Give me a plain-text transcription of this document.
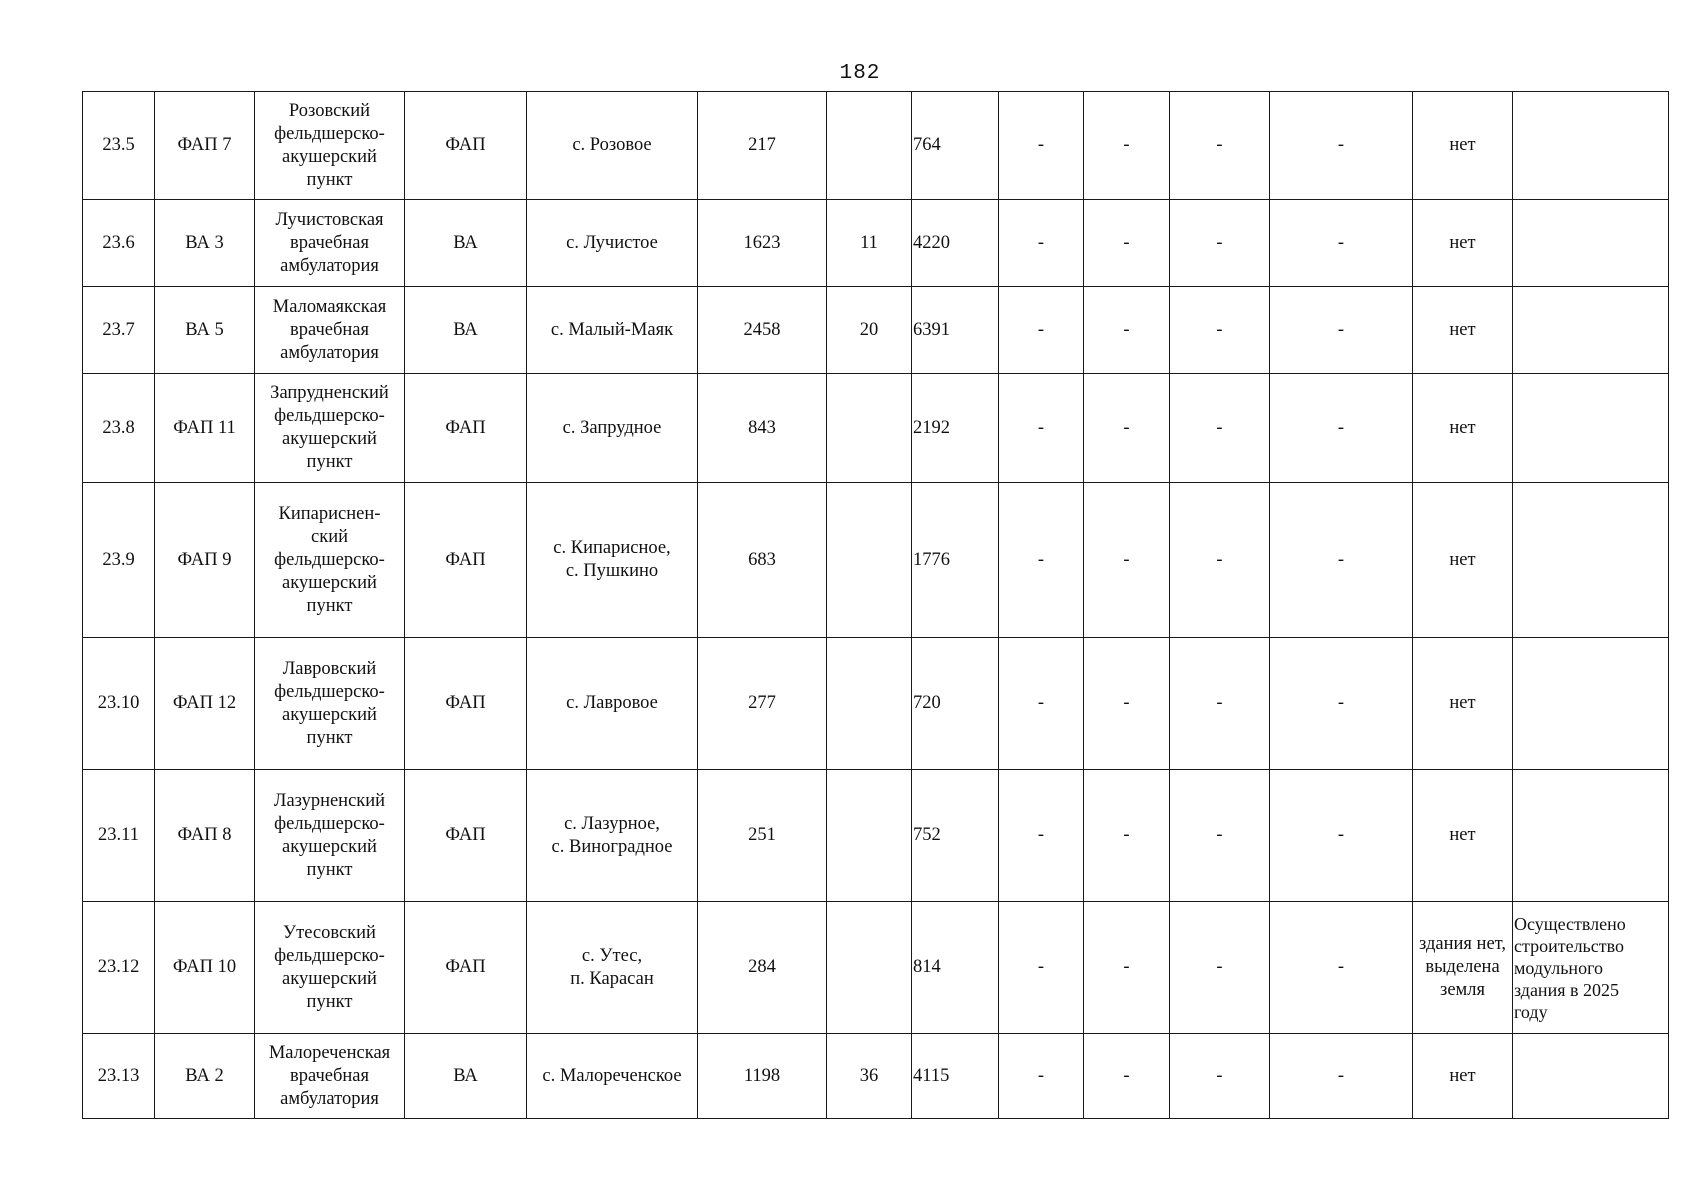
182
23.5	ФАП 7	Розовский
фельдшерско-
акушерский
пункт	ФАП	с. Розовое	217		764	-	-	-	-	нет	
23.6	ВА 3	Лучистовская
врачебная
амбулатория	ВА	с. Лучистое	1623	11	4220	-	-	-	-	нет	
23.7	ВА 5	Маломаякская
врачебная
амбулатория	ВА	с. Малый-Маяк	2458	20	6391	-	-	-	-	нет	
23.8	ФАП 11	Запрудненский
фельдшерско-
акушерский
пункт	ФАП	с. Запрудное	843		2192	-	-	-	-	нет	
23.9	ФАП 9	Кипариснен-
ский
фельдшерско-
акушерский
пункт	ФАП	с. Кипарисное,
с. Пушкино	683		1776	-	-	-	-	нет	
23.10	ФАП 12	Лавровский
фельдшерско-
акушерский
пункт	ФАП	с. Лавровое	277		720	-	-	-	-	нет	
23.11	ФАП 8	Лазурненский
фельдшерско-
акушерский
пункт	ФАП	с. Лазурное,
с. Виноградное	251		752	-	-	-	-	нет	
23.12	ФАП 10	Утесовский
фельдшерско-
акушерский
пункт	ФАП	с. Утес,
п. Карасан	284		814	-	-	-	-	здания нет,
выделена
земля	Осуществлено
строительство
модульного
здания в 2025
году
23.13	ВА 2	Малореченская
врачебная
амбулатория	ВА	с. Малореченское	1198	36	4115	-	-	-	-	нет	
